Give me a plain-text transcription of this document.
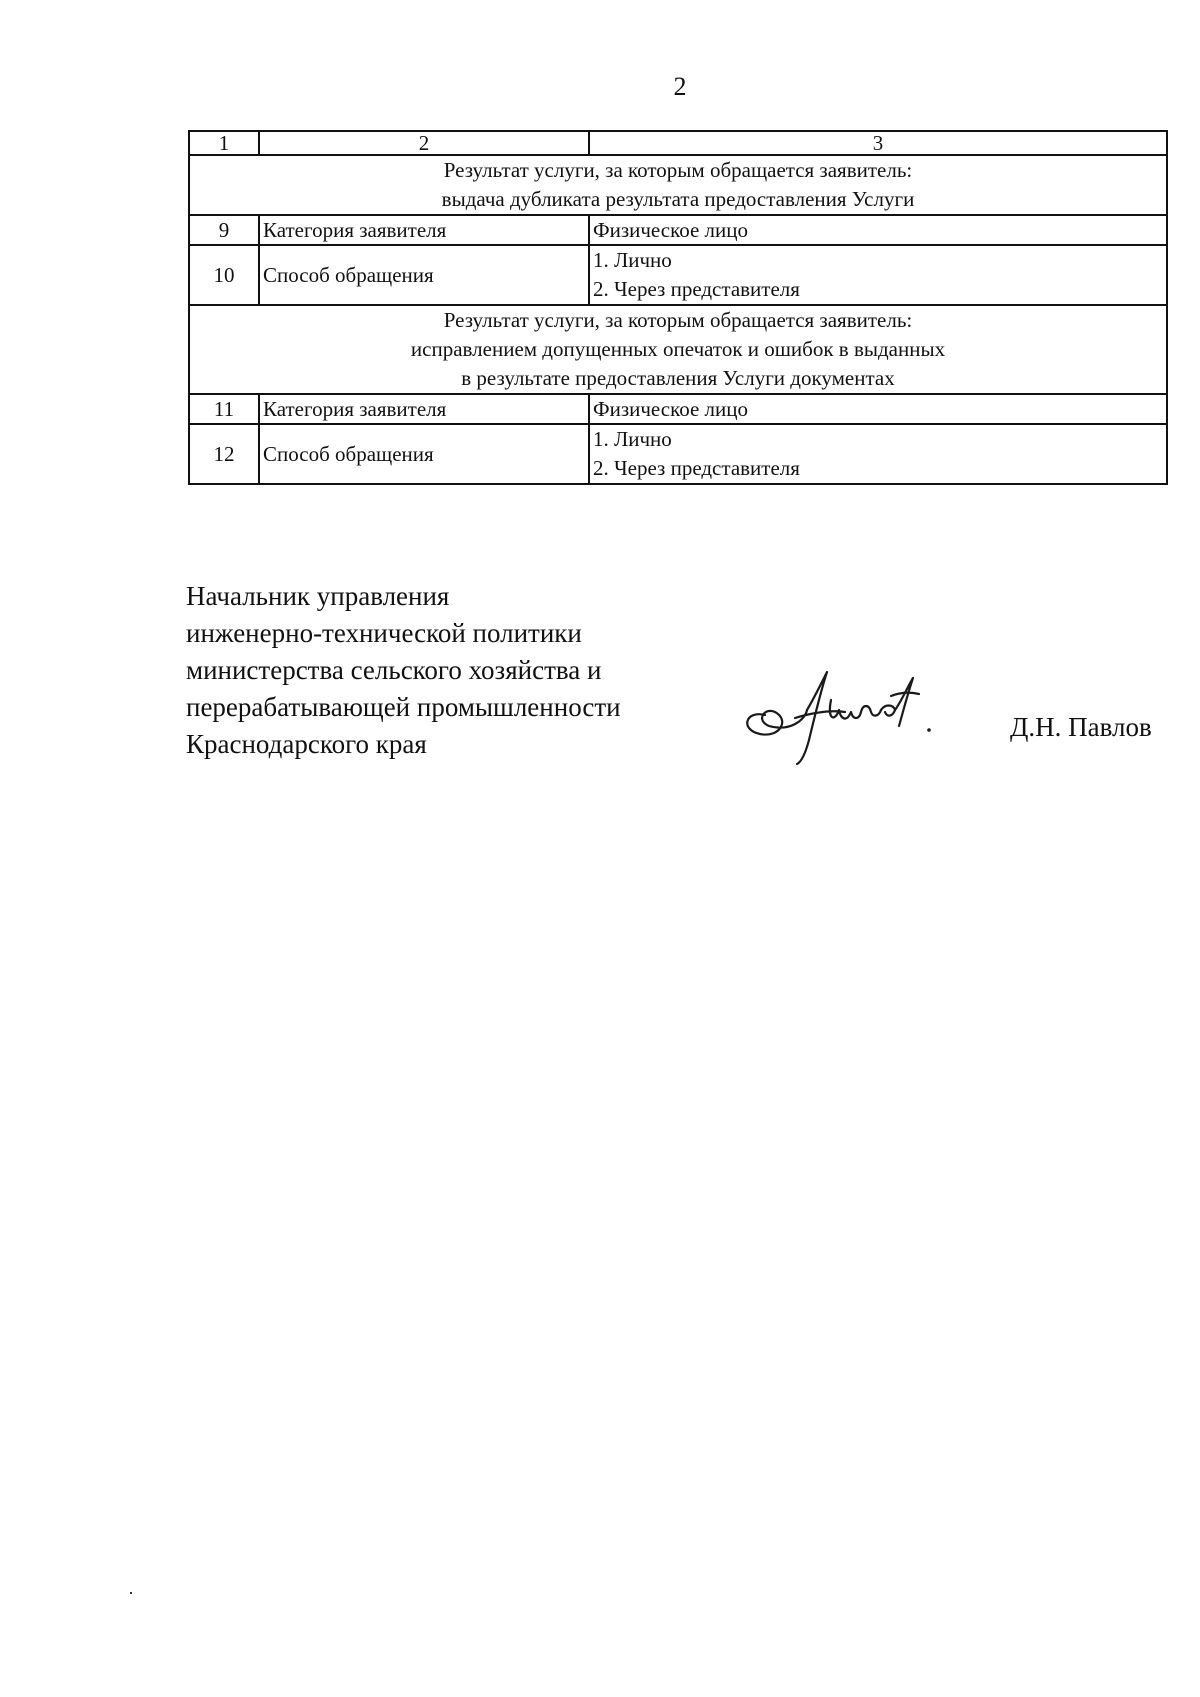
2
1	2	3

Результат услуги, за которым обращается заявитель:
выдача дубликата результата предоставления Услуги		

9	Категория заявителя	Физическое лицо
10	Способ обращения	1. Лично
2. Через представителя

Результат услуги, за которым обращается заявитель:
исправлением допущенных опечаток и ошибок в выданных
в результате предоставления Услуги документах		

11	Категория заявителя	Физическое лицо
12	Способ обращения	1. Лично
2. Через представителя
Начальник управления
инженерно-технической политики
министерства сельского хозяйства и
перерабатывающей промышленности
Краснодарского края
Д.Н. Павлов
